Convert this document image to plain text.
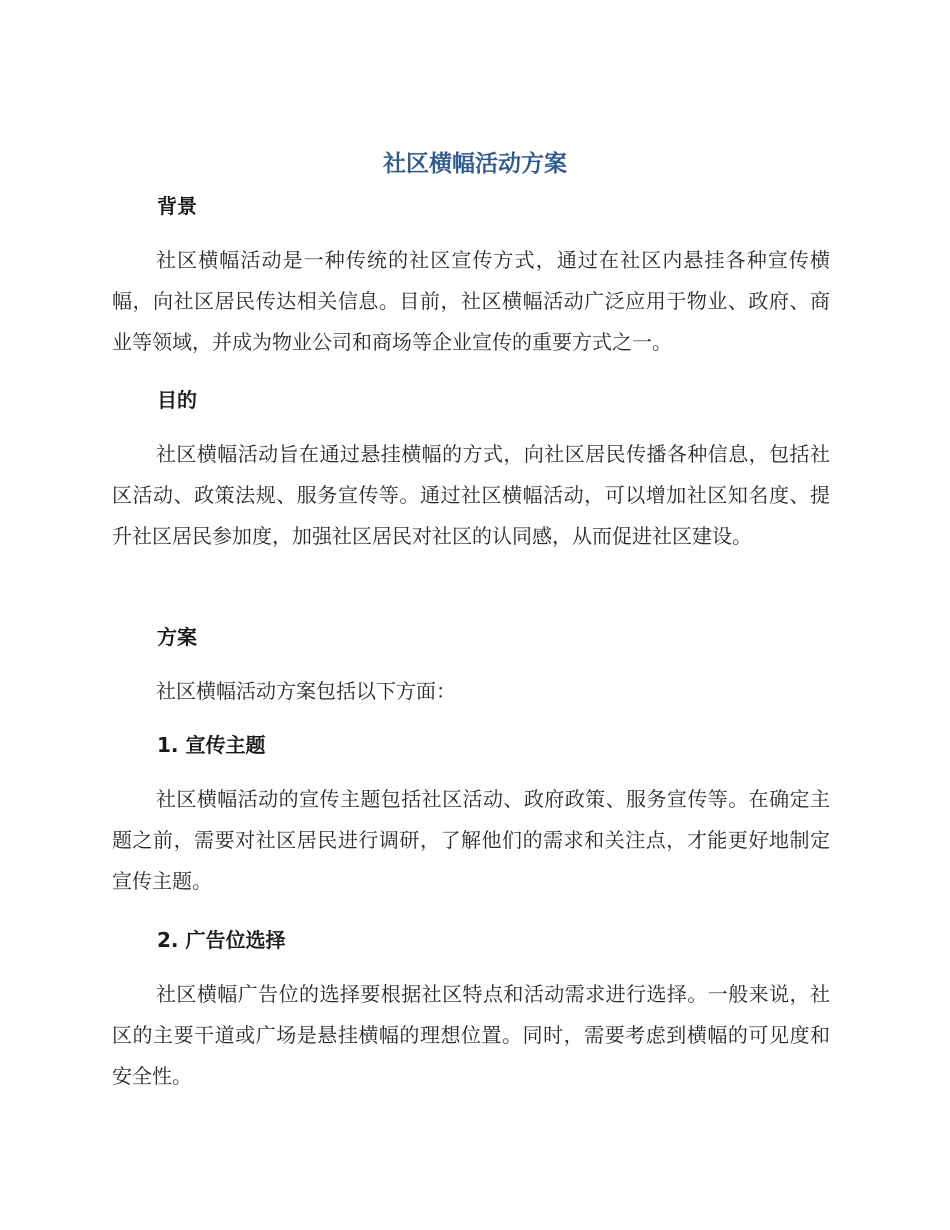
社区横幅活动方案
背景

社区横幅活动是一种传统的社区宣传方式，通过在社区内悬挂各种宣传横幅，向社区居民传达相关信息。目前，社区横幅活动广泛应用于物业、政府、商业等领域，并成为物业公司和商场等企业宣传的重要方式之一。

目的

社区横幅活动旨在通过悬挂横幅的方式，向社区居民传播各种信息，包括社区活动、政策法规、服务宣传等。通过社区横幅活动，可以增加社区知名度、提升社区居民参加度，加强社区居民对社区的认同感，从而促进社区建设。

方案

社区横幅活动方案包括以下方面：

1. 宣传主题

社区横幅活动的宣传主题包括社区活动、政府政策、服务宣传等。在确定主题之前，需要对社区居民进行调研，了解他们的需求和关注点，才能更好地制定宣传主题。

2. 广告位选择

社区横幅广告位的选择要根据社区特点和活动需求进行选择。一般来说，社区的主要干道或广场是悬挂横幅的理想位置。同时，需要考虑到横幅的可见度和安全性。
